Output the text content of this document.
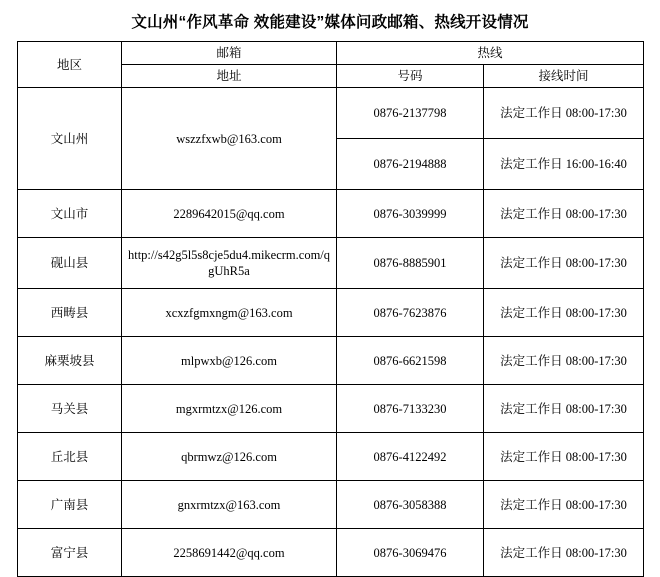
文山州“作风革命 效能建设”媒体问政邮箱、热线开设情况
地区	邮箱	热线	
	地址	号码	接线时间
文山州	wszzfxwb@163.com	0876-2137798	法定工作日 08:00-17:30
		0876-2194888	法定工作日 16:00-16:40
文山市	2289642015@qq.com	0876-3039999	法定工作日 08:00-17:30
砚山县	http://s42g5l5s8cje5du4.mikecrm.com/qgUhR5a	0876-8885901	法定工作日 08:00-17:30
西畴县	xcxzfgmxngm@163.com	0876-7623876	法定工作日 08:00-17:30
麻栗坡县	mlpwxb@126.com	0876-6621598	法定工作日 08:00-17:30
马关县	mgxrmtzx@126.com	0876-7133230	法定工作日 08:00-17:30
丘北县	qbrmwz@126.com	0876-4122492	法定工作日 08:00-17:30
广南县	gnxrmtzx@163.com	0876-3058388	法定工作日 08:00-17:30
富宁县	2258691442@qq.com	0876-3069476	法定工作日 08:00-17:30
